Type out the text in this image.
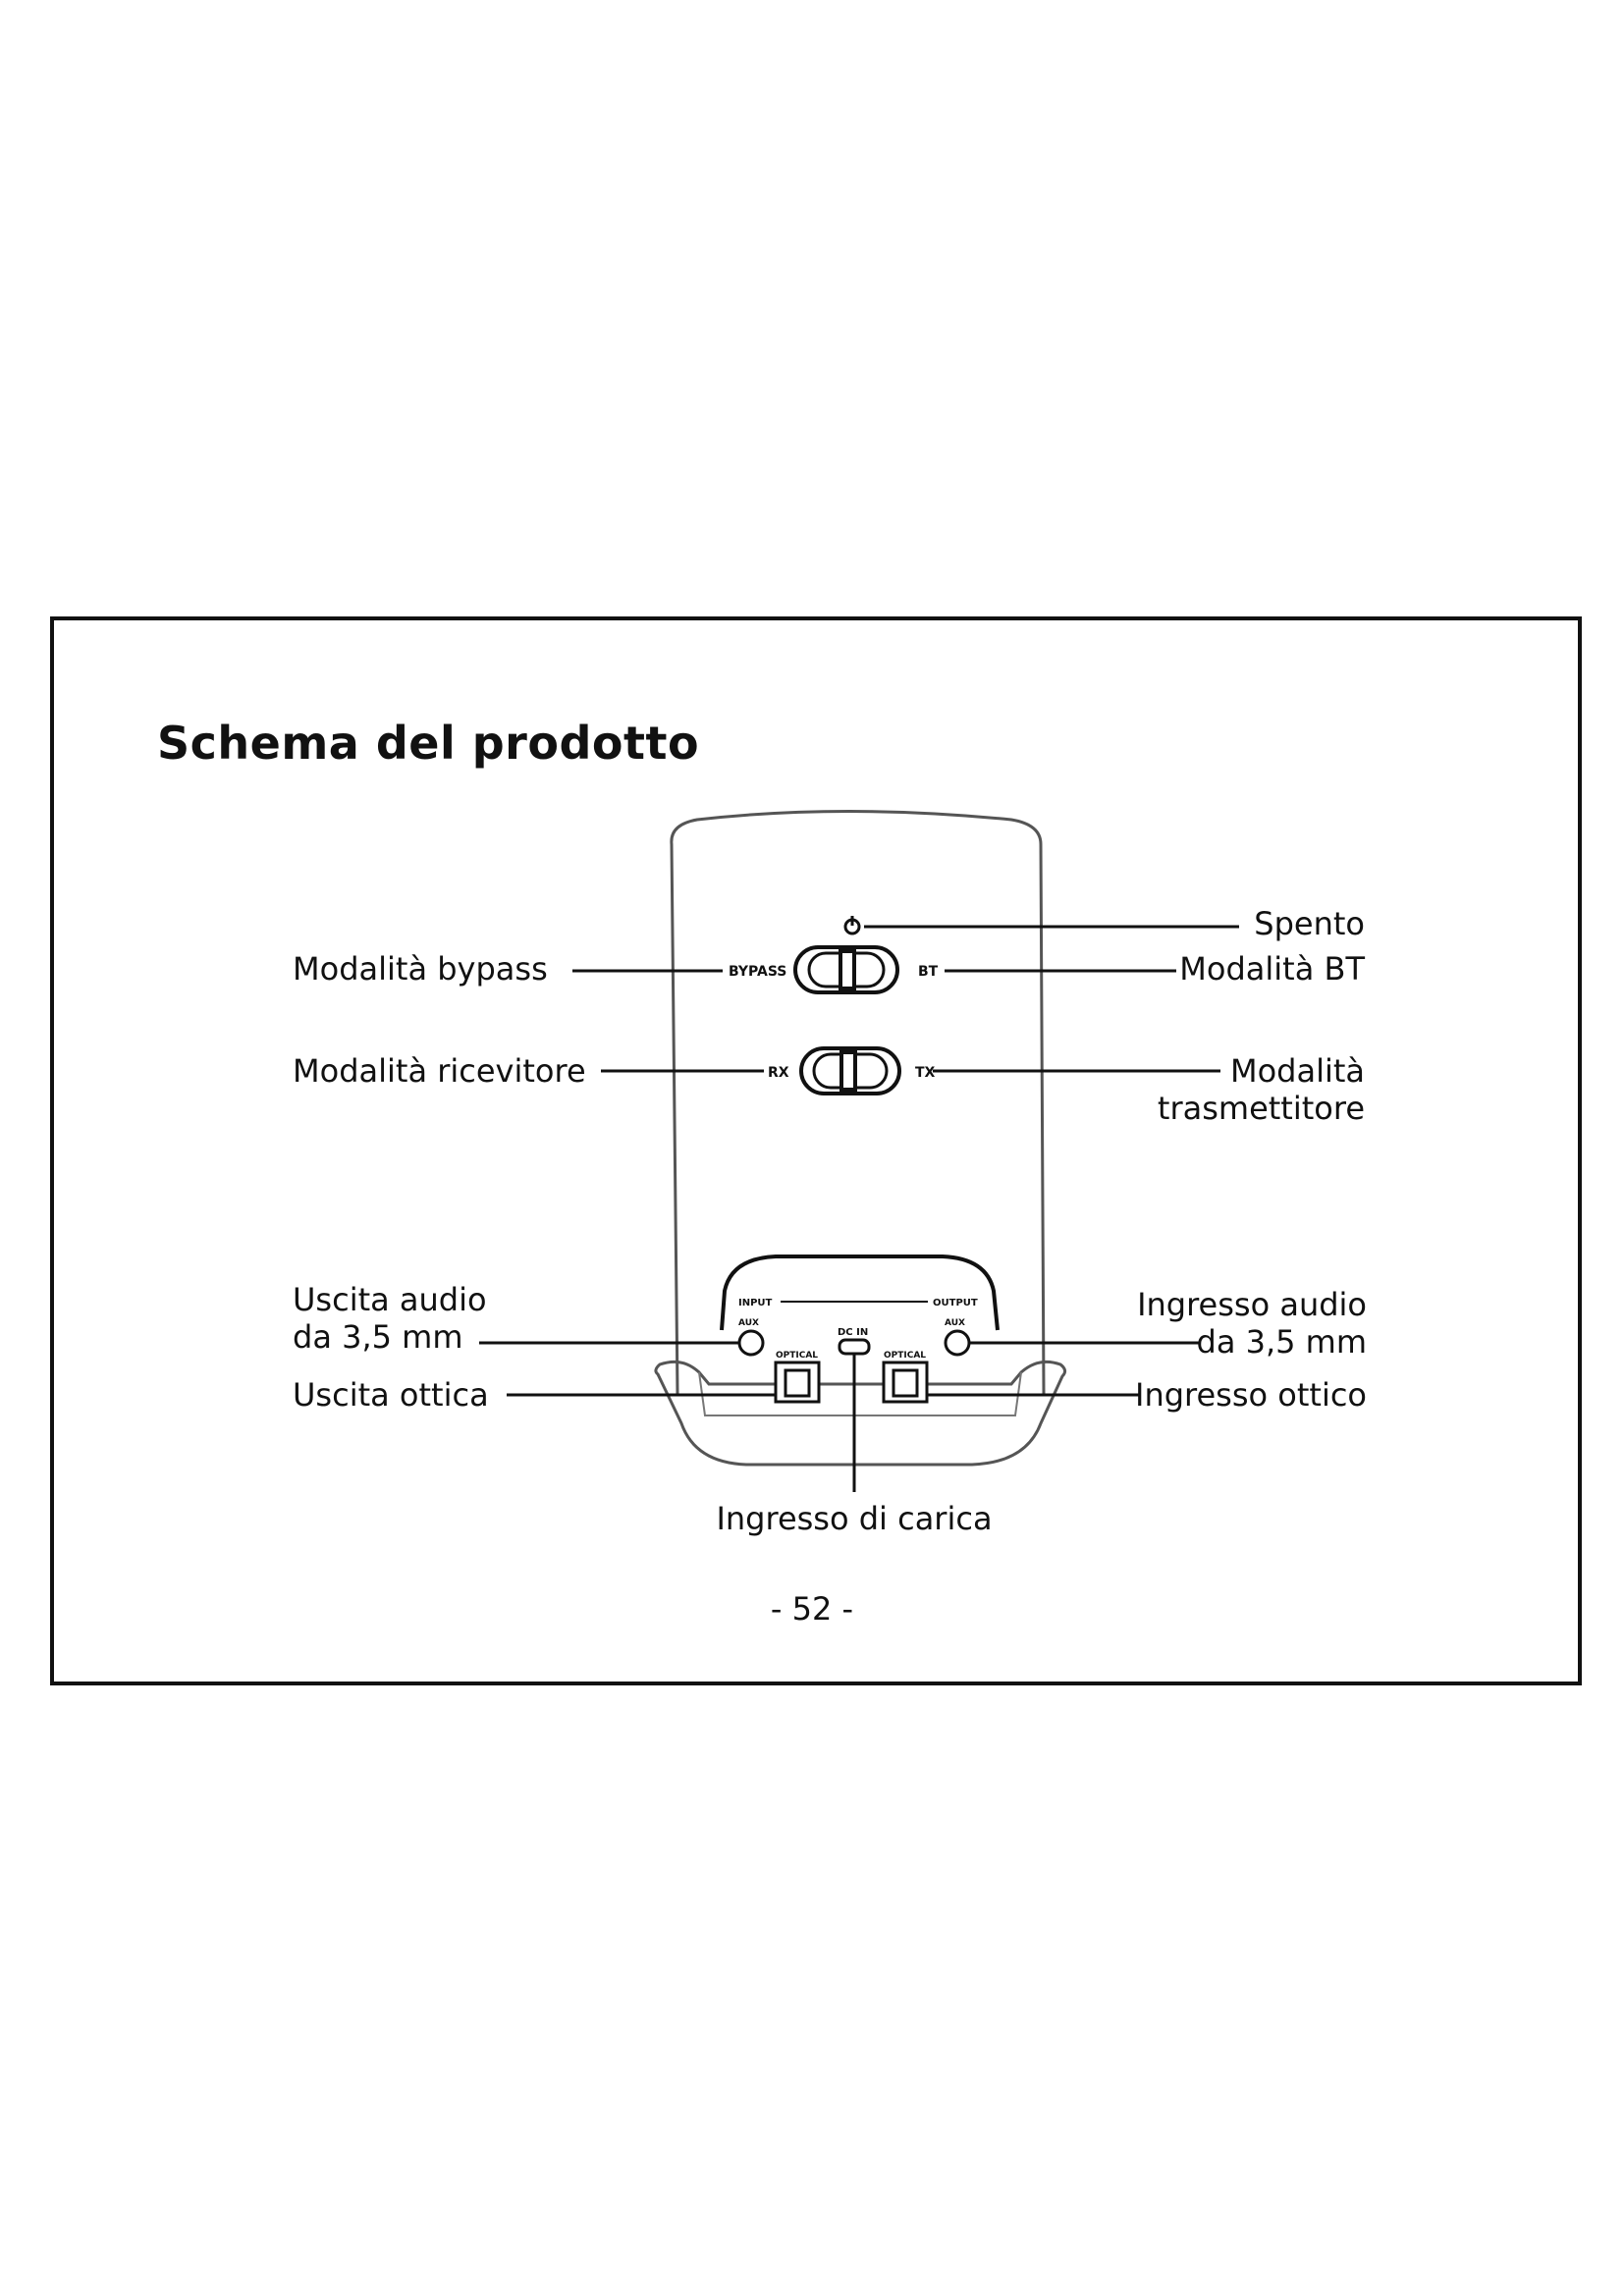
Schema del prodotto
BYPASS	BT
RX	TX
INPUT	OUTPUT
AUX	AUX
DC IN
OPTICAL	OPTICAL
Spento
Modalità bypass	Modalità BT
Modalità ricevitore	Modalità
trasmettitore
Uscita audio
da 3,5 mm
Uscita ottica
Ingresso audio
da 3,5 mm
Ingresso ottico
Ingresso di carica
- 52 -
